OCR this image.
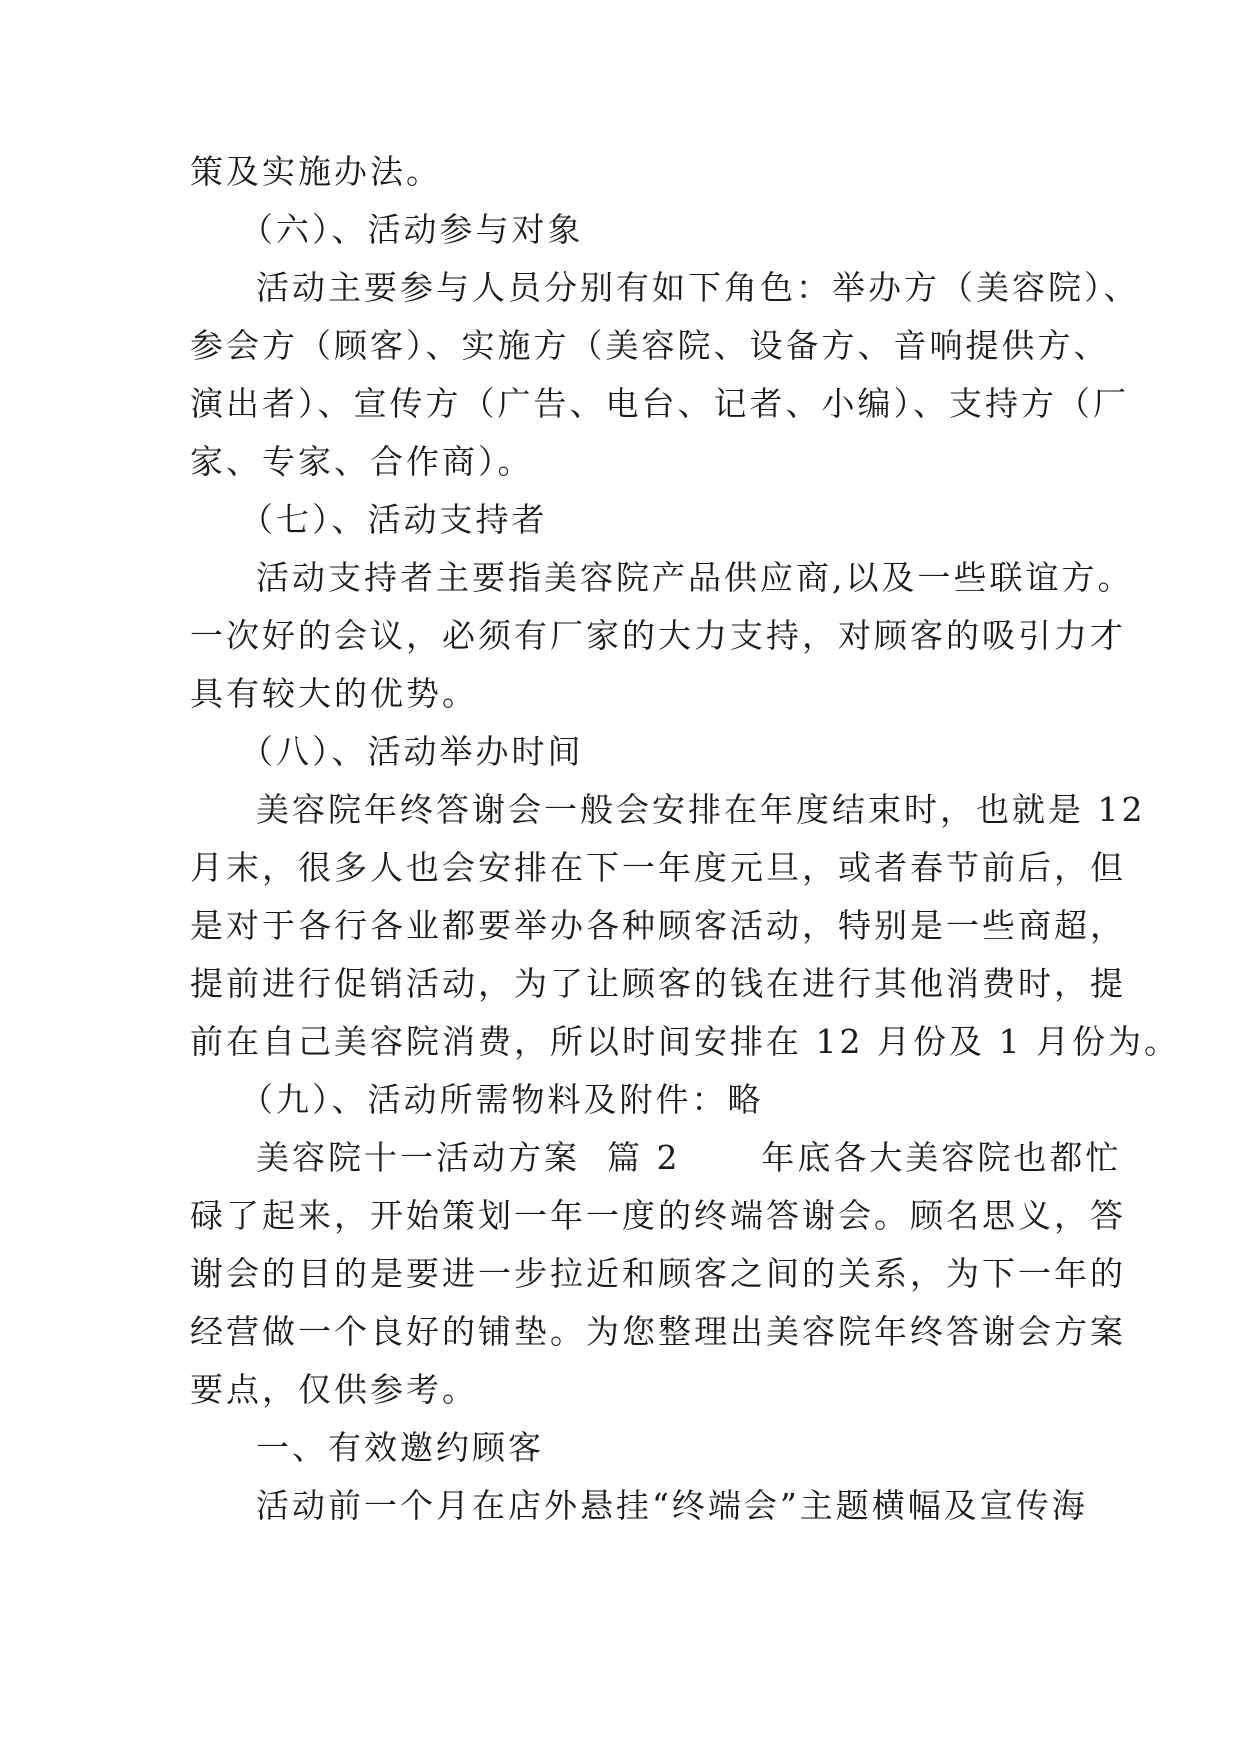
策及实施办法。
（六）、活动参与对象
活动主要参与人员分别有如下角色：举办方（美容院）、
参会方（顾客）、实施方（美容院、设备方、音响提供方、
演出者）、宣传方（广告、电台、记者、小编）、支持方（厂
家、专家、合作商）。
（七）、活动支持者
活动支持者主要指美容院产品供应商,以及一些联谊方。
一次好的会议，必须有厂家的大力支持，对顾客的吸引力才
具有较大的优势。
（八）、活动举办时间
美容院年终答谢会一般会安排在年度结束时，也就是 12
月末，很多人也会安排在下一年度元旦，或者春节前后，但
是对于各行各业都要举办各种顾客活动，特别是一些商超，
提前进行促销活动，为了让顾客的钱在进行其他消费时，提
前在自己美容院消费，所以时间安排在 12 月份及 1 月份为。
（九）、活动所需物料及附件：略
美容院十一活动方案  篇 2      年底各大美容院也都忙
碌了起来，开始策划一年一度的终端答谢会。顾名思义，答
谢会的目的是要进一步拉近和顾客之间的关系，为下一年的
经营做一个良好的铺垫。为您整理出美容院年终答谢会方案
要点，仅供参考。
一、有效邀约顾客
活动前一个月在店外悬挂“终端会”主题横幅及宣传海
